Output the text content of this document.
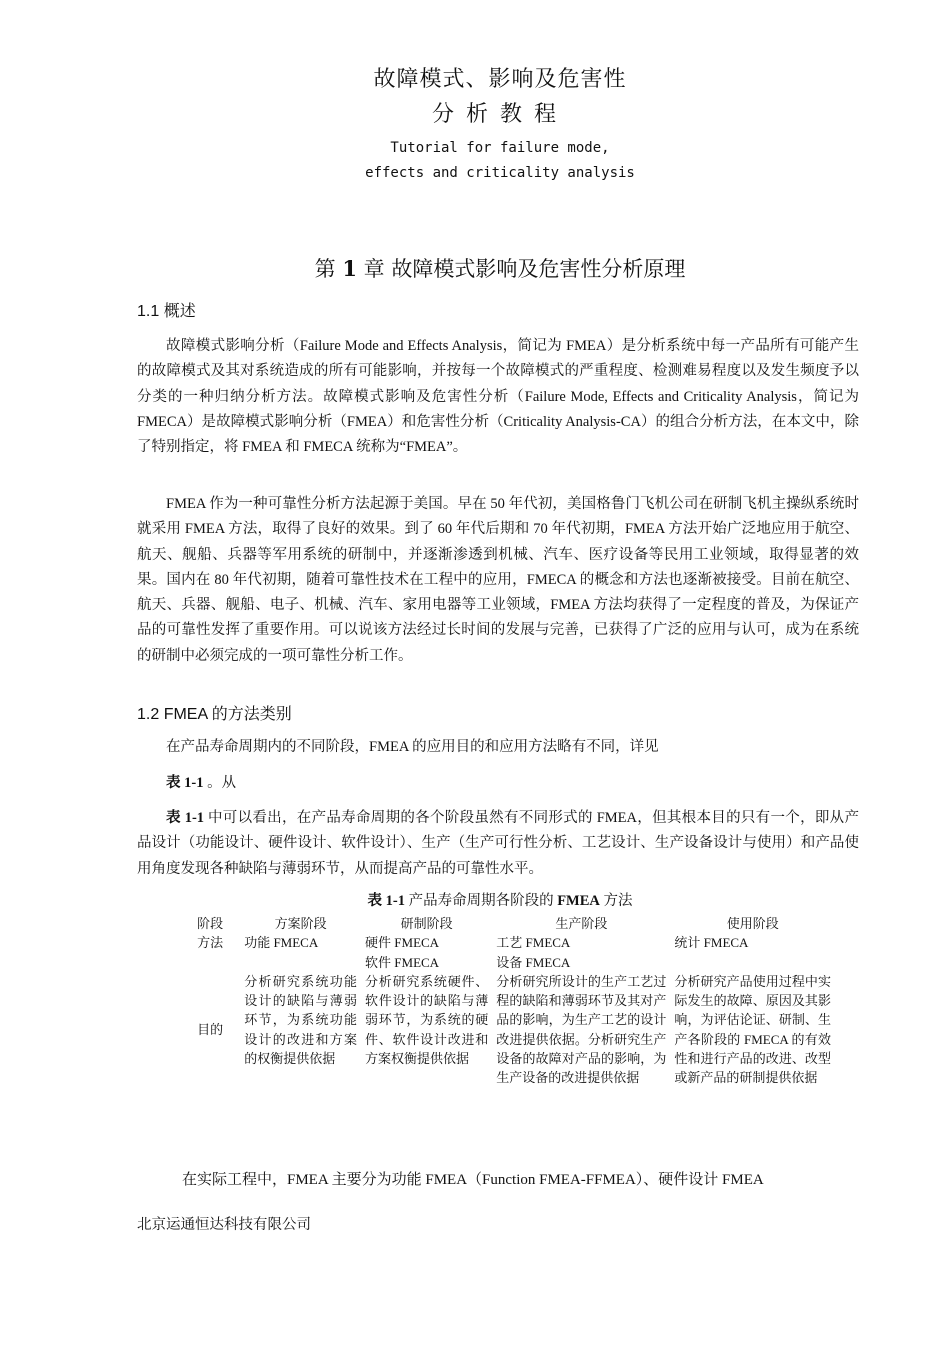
故障模式、影响及危害性
分析教程
Tutorial for failure mode,
effects and criticality analysis
第 1 章 故障模式影响及危害性分析原理
1.1 概述

故障模式影响分析（Failure Mode and Effects Analysis，简记为 FMEA）是分析系统中每一产品所有可能产生的故障模式及其对系统造成的所有可能影响，并按每一个故障模式的严重程度、检测难易程度以及发生频度予以分类的一种归纳分析方法。故障模式影响及危害性分析（Failure Mode, Effects and Criticality Analysis，简记为 FMECA）是故障模式影响分析（FMEA）和危害性分析（Criticality Analysis-CA）的组合分析方法，在本文中，除了特别指定，将 FMEA 和 FMECA 统称为“FMEA”。

FMEA 作为一种可靠性分析方法起源于美国。早在 50 年代初，美国格鲁门飞机公司在研制飞机主操纵系统时就采用 FMEA 方法，取得了良好的效果。到了 60 年代后期和 70 年代初期，FMEA 方法开始广泛地应用于航空、航天、舰船、兵器等军用系统的研制中，并逐渐渗透到机械、汽车、医疗设备等民用工业领域，取得显著的效果。国内在 80 年代初期，随着可靠性技术在工程中的应用，FMECA 的概念和方法也逐渐被接受。目前在航空、航天、兵器、舰船、电子、机械、汽车、家用电器等工业领域，FMEA 方法均获得了一定程度的普及，为保证产品的可靠性发挥了重要作用。可以说该方法经过长时间的发展与完善，已获得了广泛的应用与认可，成为在系统的研制中必须完成的一项可靠性分析工作。

1.2 FMEA 的方法类别

在产品寿命周期内的不同阶段，FMEA 的应用目的和应用方法略有不同，详见

表 1-1 。从

表 1-1 中可以看出，在产品寿命周期的各个阶段虽然有不同形式的 FMEA，但其根本目的只有一个，即从产品设计（功能设计、硬件设计、软件设计）、生产（生产可行性分析、工艺设计、生产设备设计与使用）和产品使用角度发现各种缺陷与薄弱环节，从而提高产品的可靠性水平。

表 1-1 产品寿命周期各阶段的 FMEA 方法
阶段	方案阶段	研制阶段	生产阶段	使用阶段
方法	功能 FMECA	硬件 FMECA	工艺 FMECA	统计 FMECA
		软件 FMECA	设备 FMECA	
目的	分析研究系统功能设计的缺陷与薄弱环节，为系统功能设计的改进和方案的权衡提供依据	分析研究系统硬件、软件设计的缺陷与薄弱环节，为系统的硬件、软件设计改进和方案权衡提供依据	分析研究所设计的生产工艺过程的缺陷和薄弱环节及其对产品的影响，为生产工艺的设计改进提供依据。分析研究生产设备的故障对产品的影响，为生产设备的改进提供依据	分析研究产品使用过程中实际发生的故障、原因及其影响，为评估论证、研制、生产各阶段的 FMECA 的有效性和进行产品的改进、改型或新产品的研制提供依据

在实际工程中，FMEA 主要分为功能 FMEA（Function FMEA-FFMEA）、硬件设计 FMEA

北京运通恒达科技有限公司
